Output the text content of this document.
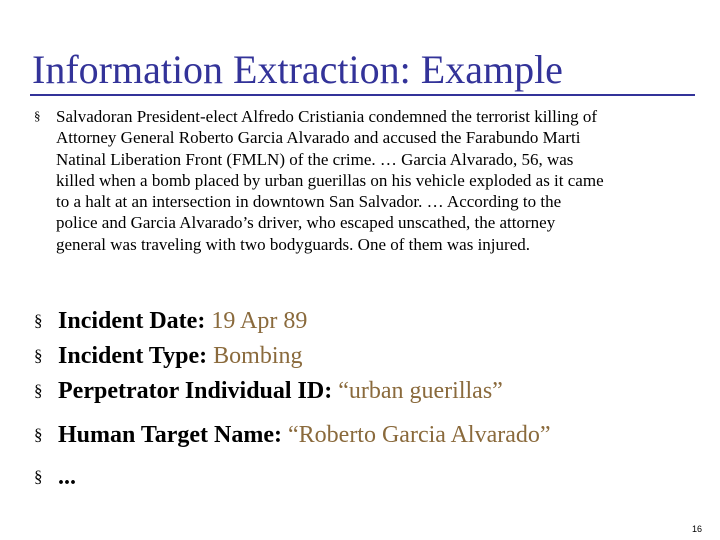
Information Extraction: Example
§ Salvadoran President-elect Alfredo Cristiania condemned the terrorist killing of
Attorney General Roberto Garcia Alvarado and accused the Farabundo Marti
Natinal Liberation Front (FMLN) of the crime. … Garcia Alvarado, 56, was
killed when a bomb placed by urban guerillas on his vehicle exploded as it came
to a halt at an intersection in downtown San Salvador. … According to the
police and Garcia Alvarado’s driver, who escaped unscathed, the attorney
general was traveling with two bodyguards. One of them was injured.
§ Incident Date: 19 Apr 89
§ Incident Type: Bombing
§ Perpetrator Individual ID: “urban guerillas”
§ Human Target Name: “Roberto Garcia Alvarado”
§ ...
16
